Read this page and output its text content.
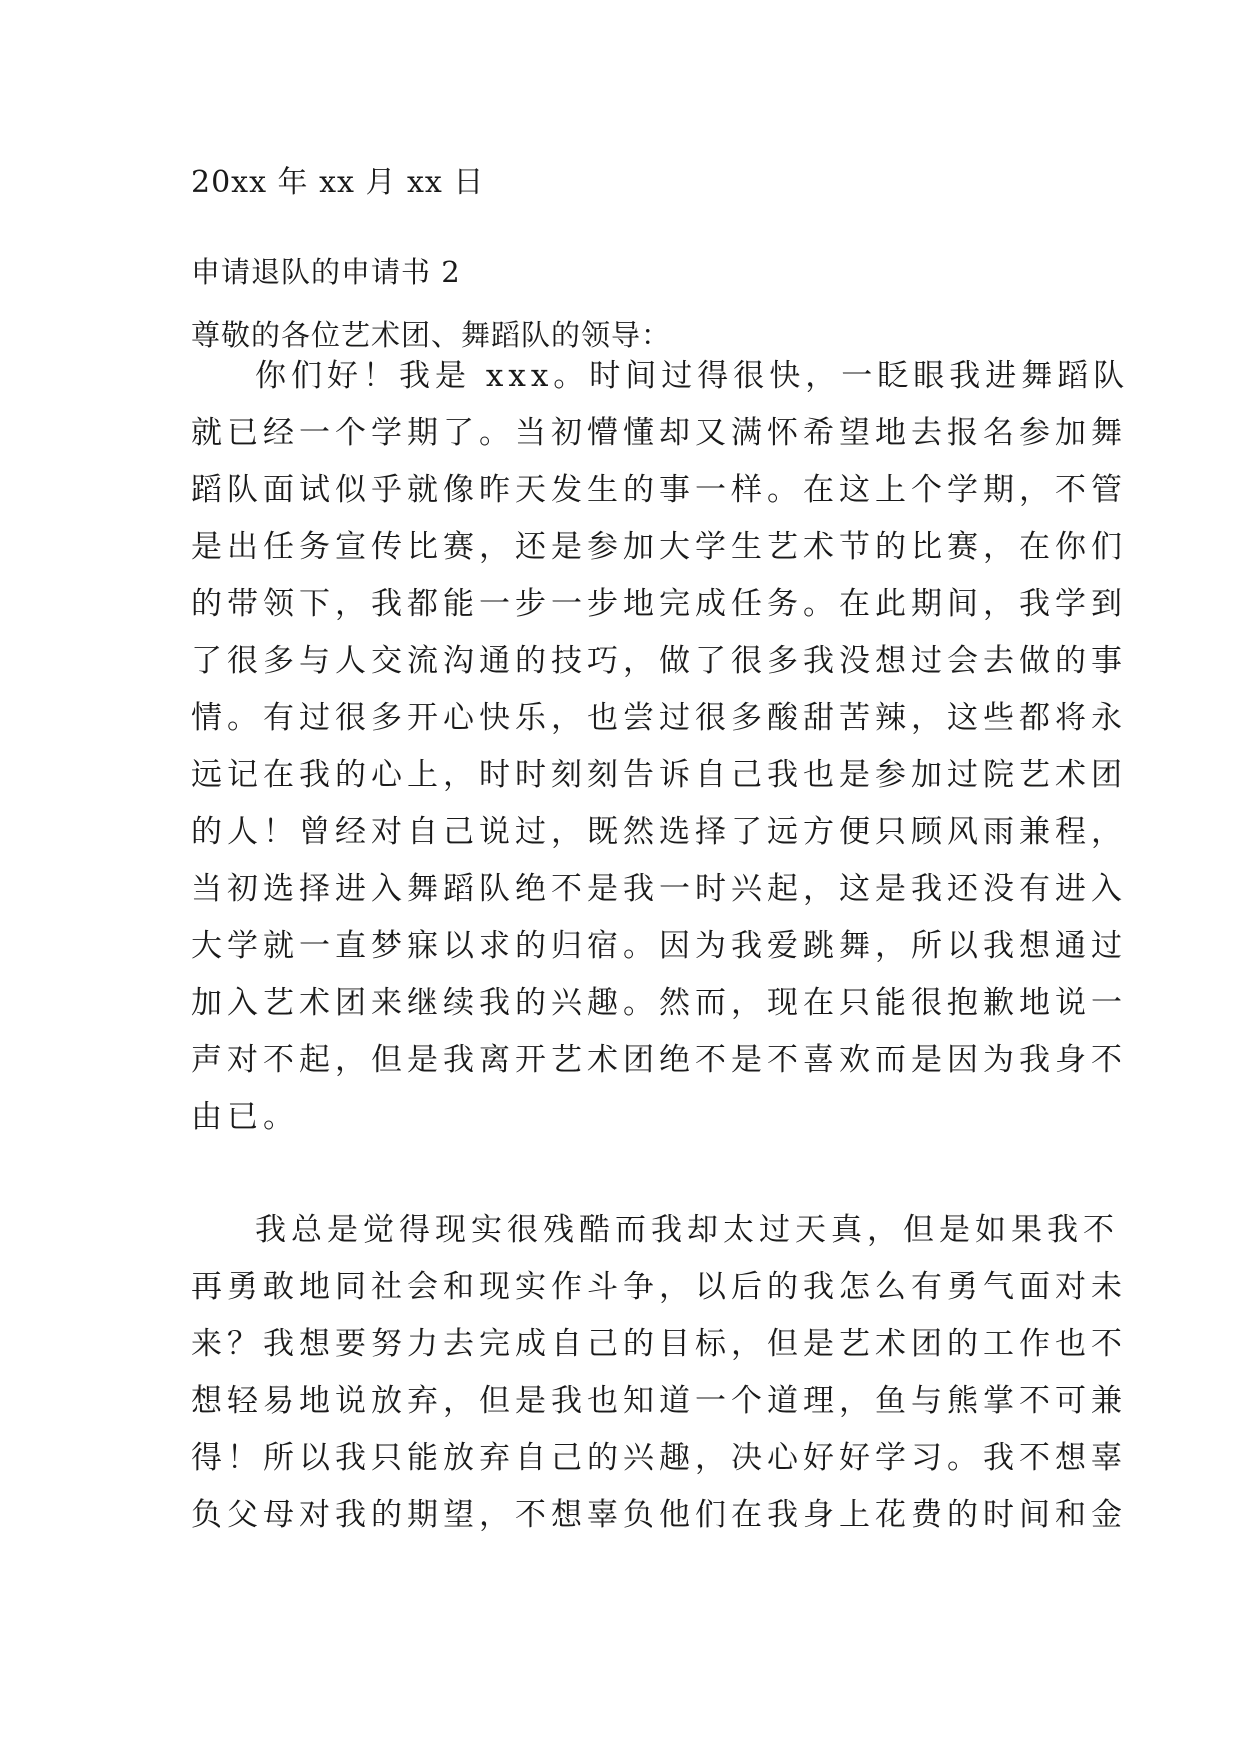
20xx 年 xx 月 xx 日
申请退队的申请书 2
尊敬的各位艺术团、舞蹈队的领导：
你们好！我是 xxx。时间过得很快，一眨眼我进舞蹈队
就已经一个学期了。当初懵懂却又满怀希望地去报名参加舞
蹈队面试似乎就像昨天发生的事一样。在这上个学期，不管
是出任务宣传比赛，还是参加大学生艺术节的比赛，在你们
的带领下，我都能一步一步地完成任务。在此期间，我学到
了很多与人交流沟通的技巧，做了很多我没想过会去做的事
情。有过很多开心快乐，也尝过很多酸甜苦辣，这些都将永
远记在我的心上，时时刻刻告诉自己我也是参加过院艺术团
的人！曾经对自己说过，既然选择了远方便只顾风雨兼程，
当初选择进入舞蹈队绝不是我一时兴起，这是我还没有进入
大学就一直梦寐以求的归宿。因为我爱跳舞，所以我想通过
加入艺术团来继续我的兴趣。然而，现在只能很抱歉地说一
声对不起，但是我离开艺术团绝不是不喜欢而是因为我身不
由已。
我总是觉得现实很残酷而我却太过天真，但是如果我不
再勇敢地同社会和现实作斗争，以后的我怎么有勇气面对未
来？我想要努力去完成自己的目标，但是艺术团的工作也不
想轻易地说放弃，但是我也知道一个道理，鱼与熊掌不可兼
得！所以我只能放弃自己的兴趣，决心好好学习。我不想辜
负父母对我的期望，不想辜负他们在我身上花费的时间和金
